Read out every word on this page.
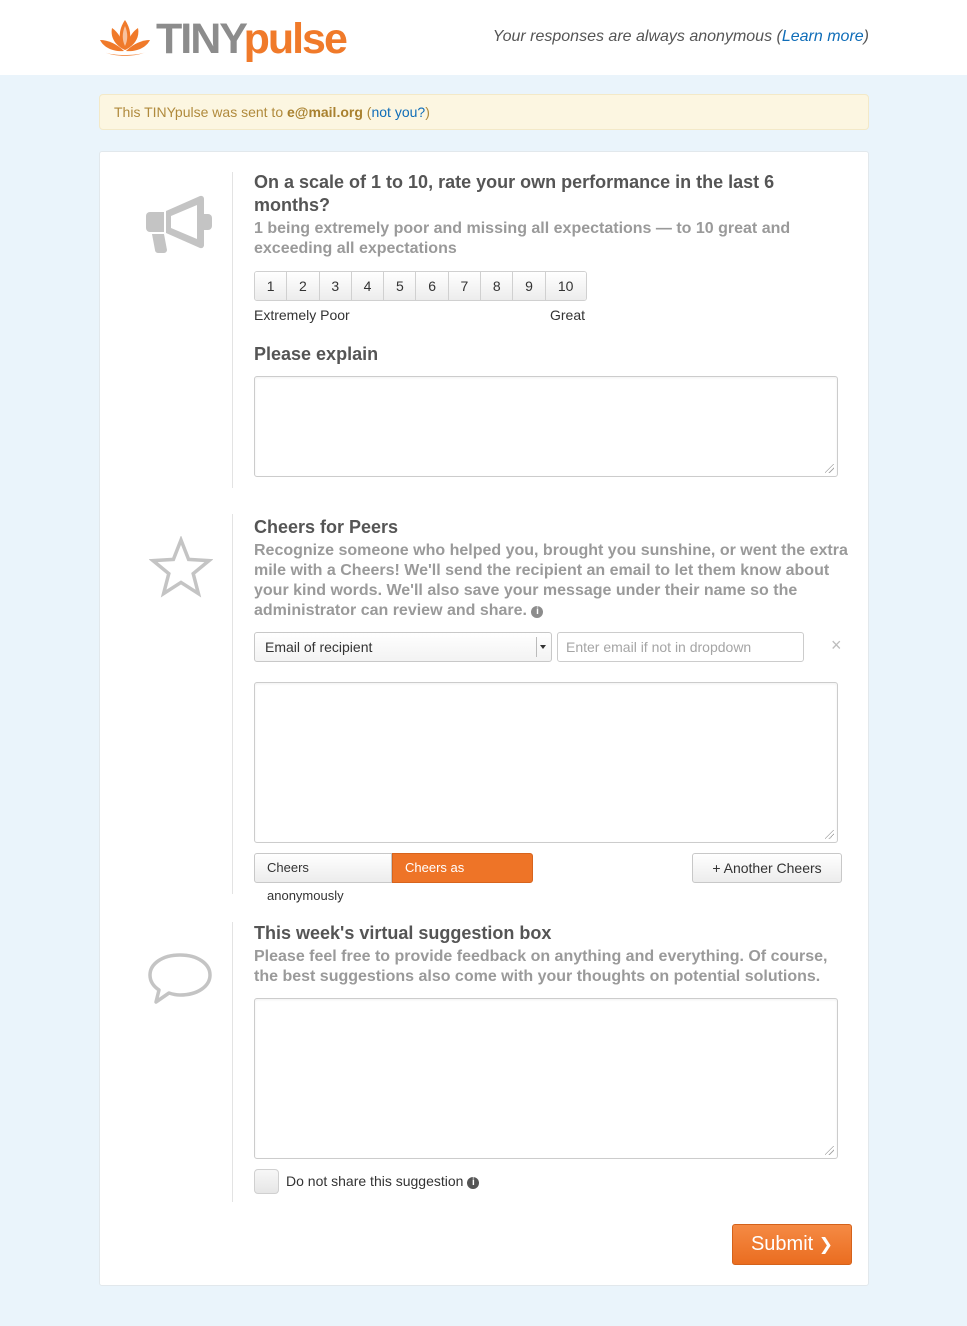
TINYpulse	Your responses are always anonymous (Learn more)
This TINYpulse was sent to e@mail.org (not you?)
On a scale of 1 to 10, rate your own performance in the last 6
months?
1 being extremely poor and missing all expectations — to 10 great and
exceeding all expectations
1	2	3	4	5	6	7	8	9	10
Extremely Poor	Great
Please explain
Cheers for Peers
Recognize someone who helped you, brought you sunshine, or went the extra
mile with a Cheers! We'll send the recipient an email to let them know about
your kind words. We'll also save your message under their name so the
administrator can review and share. i
Email of recipient
Enter email if not in dropdown	×
Cheers anonymously
Cheers as e@mail.org
+ Another Cheers
This week's virtual suggestion box
Please feel free to provide feedback on anything and everything. Of course,
the best suggestions also come with your thoughts on potential solutions.
Do not share this suggestion i
Submit ❯
